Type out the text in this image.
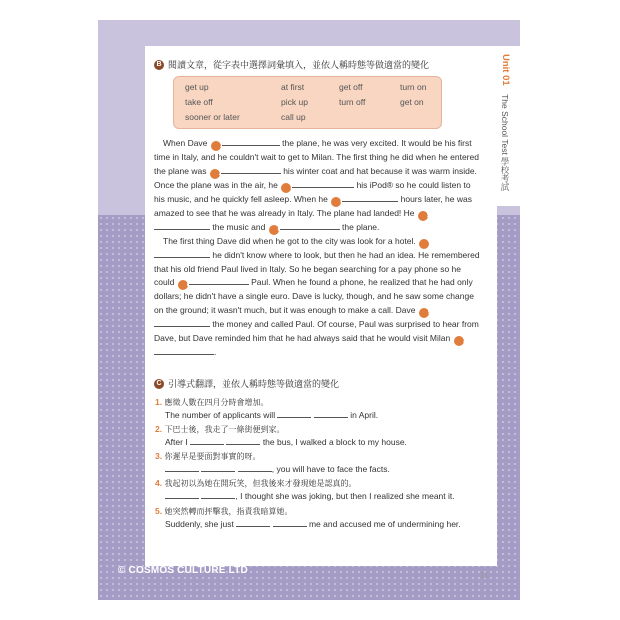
Unit 01 The School Test 學校考試
B 閱讀文章，從字表中選擇詞彙填入，並依人稱時態等做適當的變化
get up	at first	get off	turn on
take off	pick up	turn off	get on
sooner or later	call up

When Dave 1	the plane, he was very excited. It would be his first time in Italy, and he couldn't wait to get to Milan. The first thing he did when he entered the plane was 2	his winter coat and hat because it was warm inside. Once the plane was in the air, he 3	his iPod® so he could listen to his music, and he quickly fell asleep. When he 4	hours later, he was amazed to see that he was already in Italy. The plane had landed! He 5 the music and 6	the plane.

The first thing Dave did when he got to the city was look for a hotel. 7 he didn't know where to look, but then he had an idea. He remembered that his old friend Paul lived in Italy. So he began searching for a pay phone so he could 8	Paul. When he found a phone, he realized that he had only dollars; he didn't have a single euro. Dave is lucky, though, and he saw some change on the ground; it wasn't much, but it was enough to make a call. Dave 9 the money and called Paul. Of course, Paul was surprised to hear from Dave, but Dave reminded him that he had always said that he would visit Milan 10.

C 引導式翻譯，並依人稱時態等做適當的變化
1. 應徵人數在四月分時會增加。
The number of applicants will	in April.
2. 下巴士後，我走了一條街便到家。
After I	the bus, I walked a block to my house.
3. 你遲早是要面對事實的呀。
, you will have to face the facts.
4. 我起初以為她在開玩笑，但我後來才發現她是認真的。
, I thought she was joking, but then I realized she meant it.
5. 她突然轉而抨擊我，指責我暗算她。
Suddenly, she just	me and accused me of undermining her.
© COSMOS CULTURE LTD	11
